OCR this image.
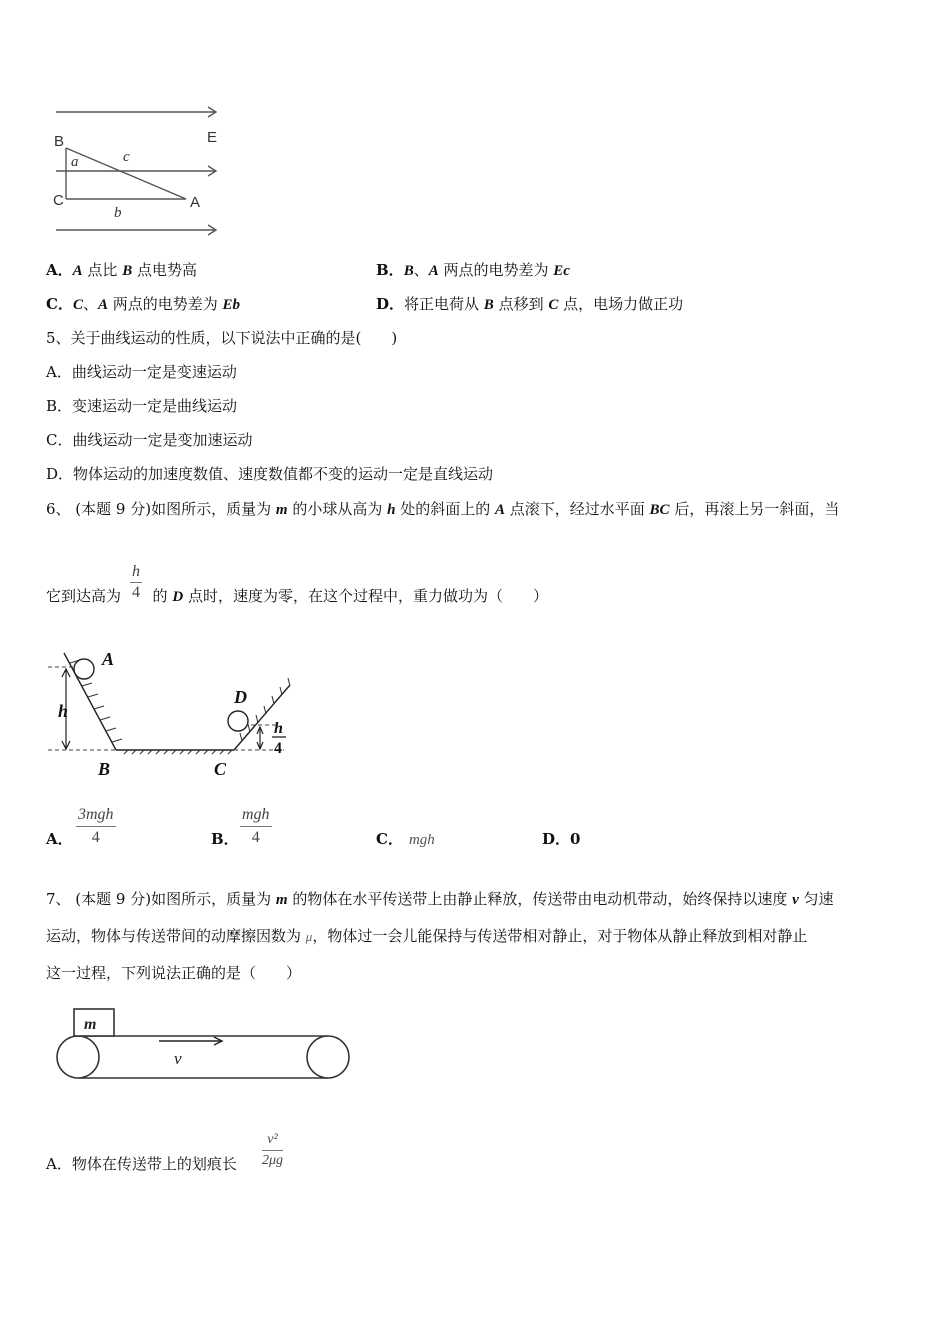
B
a	c
E
C	A
b
A．A 点比 B 点电势高	B．B、A 两点的电势差为 Ec
C．C、A 两点的电势差为 Eb	D．将正电荷从 B 点移到 C 点，电场力做正功
5、关于曲线运动的性质，以下说法中正确的是(　　)
A．曲线运动一定是变速运动
B．变速运动一定是曲线运动
C．曲线运动一定是变加速运动
D．物体运动的加速度数值、速度数值都不变的运动一定是直线运动
6、 (本题 9 分)如图所示，质量为 m 的小球从高为 h 处的斜面上的 A 点滚下，经过水平面 BC 后，再滚上另一斜面，当
它到达高为  的 D 点时，速度为零，在这个过程中，重力做功为（　　）
$\frac{h}{4}$
A
D
h
B	C
h
4
A．
3mgh
4	B．
mgh
4	C． mgh	D．0
7、 (本题 9 分)如图所示，质量为 m 的物体在水平传送带上由静止释放，传送带由电动机带动，始终保持以速度 v 匀速
运动，物体与传送带间的动摩擦因数为 μ，物体过一会儿能保持与传送带相对静止，对于物体从静止释放到相对静止
这一过程，下列说法正确的是（　　）
m
v
A．物体在传送带上的划痕长 $\frac{\text{v²}}{2\mu g}$
